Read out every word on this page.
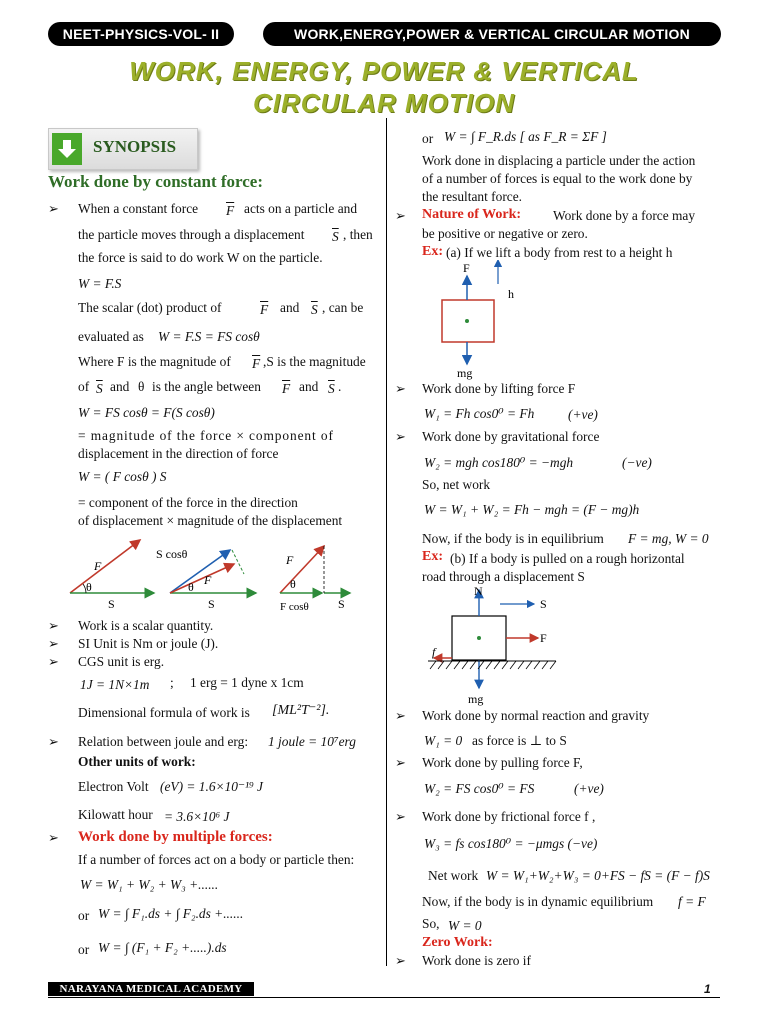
NEET-PHYSICS-VOL- II	WORK,ENERGY,POWER & VERTICAL CIRCULAR MOTION
WORK, ENERGY, POWER & VERTICAL
CIRCULAR MOTION
SYNOPSIS
Work done by constant force:
➢ When a constant force $\overline{F}$ acts on a particle and
the particle moves through a displacement $\overline{S}$ , then
the force is said to do work W on the particle.
W = F.S
The scalar (dot) product of	$\overline{F}$ and $\overline{S}$ , can be
evaluated as W = F.S = FS cosθ
Where F is the magnitude of $\overline{F}$ ,S is the magnitude
of $\overline{S}$ and θ is the angle between $\overline{F}$ and $\overline{S}$ .
W = FS cosθ = F(S cosθ)
= magnitude of the force × component of
displacement in the direction of force
W = ( F cosθ ) S
= component of the force in the direction
of displacement × magnitude of the displacement
F
θ
S
S cosθ
F
θ
S
F
θ
F cosθ S
➢ Work is a scalar quantity.
➢ SI Unit is Nm or joule (J).
➢ CGS unit is erg.
1J = 1N×1m ; 1 erg = 1 dyne x 1cm
Dimensional formula of work is [ML²T⁻²].
➢ Relation between joule and erg: 1 joule = 10⁷erg
Other units of work:
Electron Volt (eV) = 1.6×10⁻¹⁹ J
Kilowatt hour = 3.6×10⁶ J
➢ Work done by multiple forces:
If a number of forces act on a body or particle then:
W = W₁ + W₂ + W₃ +......
or W = ∫ F₁.ds + ∫ F₂.ds +......
or W = ∫ (F₁ + F₂ +.....).ds
or W = ∫ F_R.ds [ as F_R = ΣF ]
Work done in displacing a particle under the action
of a number of forces is equal to the work done by
the resultant force.
➢ Nature of Work: Work done by a force may
be positive or negative or zero.
Ex: (a) If we lift a body from rest to a height h
F
h
mg
➢ Work done by lifting force F
W₁ = Fh cos0⁰ = Fh	(+ve)
➢ Work done by gravitational force
W₂ = mgh cos180⁰ = −mgh	(−ve)
So, net work
W = W₁ + W₂ = Fh − mgh = (F − mg)h
Now, if the body is in equilibrium F = mg, W = 0
Ex: (b) If a body is pulled on a rough horizontal
road through a displacement S
N
S
F
f
mg
➢ Work done by normal reaction and gravity
W₁ = 0 as force is ⊥ to S
➢ Work done by pulling force F,
W₂ = FS cos0⁰ = FS	(+ve)
➢ Work done by frictional force f ,
W₃ = fs cos180⁰ = −μmgs (−ve)
Net work W = W₁+W₂+W₃ = 0+FS − fS = (F − f)S
Now, if the body is in dynamic equilibrium f = F
So, W = 0
Zero Work:
➢ Work done is zero if
NARAYANA MEDICAL ACADEMY	1
